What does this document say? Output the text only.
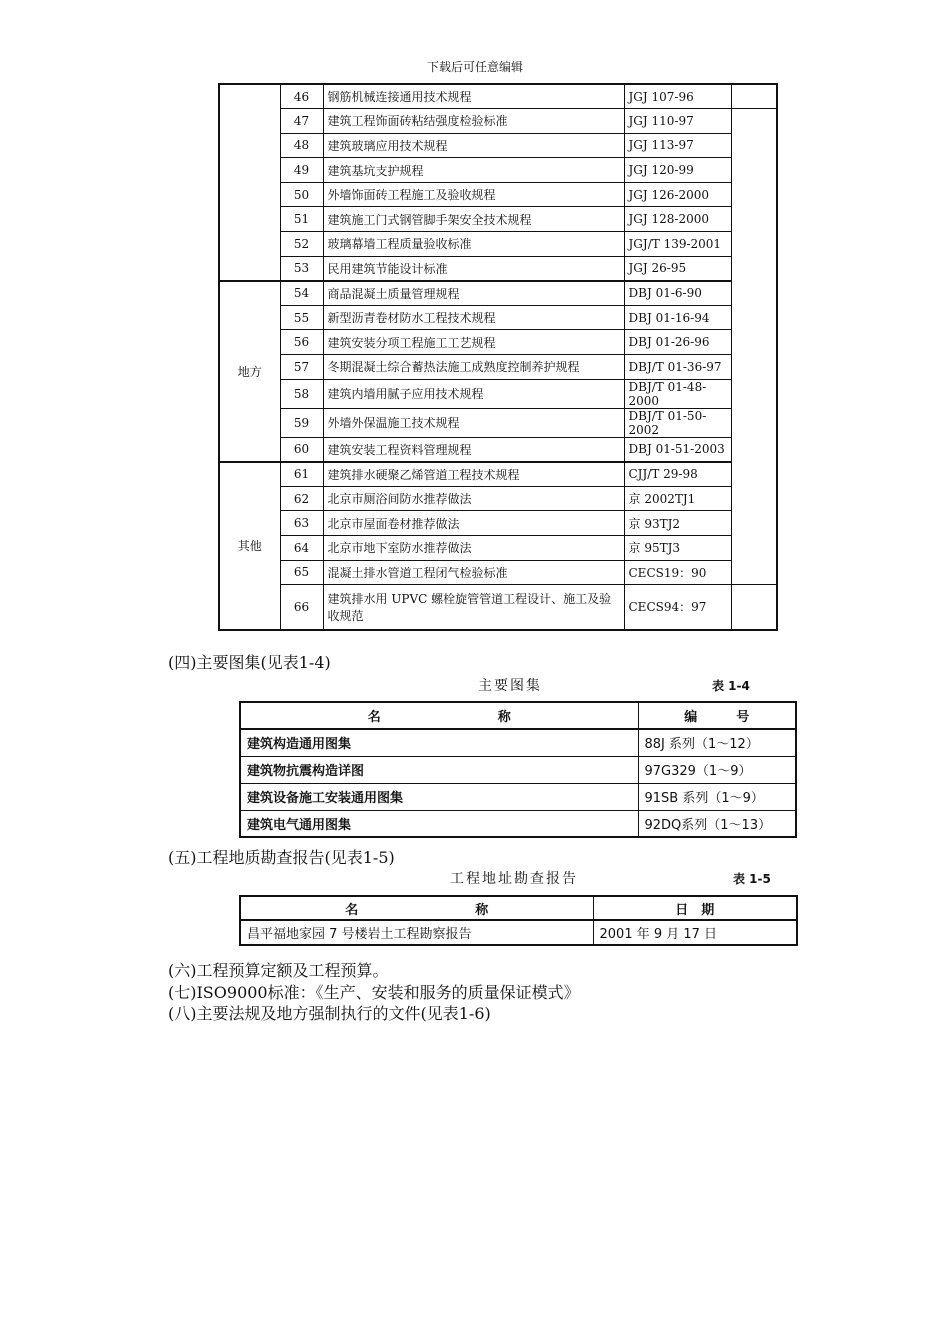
下载后可任意编辑
	46	钢筋机械连接通用技术规程	JGJ 107-96	
	47	建筑工程饰面砖粘结强度检验标准	JGJ 110-97	
	48	建筑玻璃应用技术规程	JGJ 113-97	
	49	建筑基坑支护规程	JGJ 120-99	
	50	外墙饰面砖工程施工及验收规程	JGJ 126-2000	
	51	建筑施工门式钢管脚手架安全技术规程	JGJ 128-2000	
	52	玻璃幕墙工程质量验收标准	JGJ/T 139-2001	
	53	民用建筑节能设计标准	JGJ 26-95	
地方	54	商品混凝土质量管理规程	DBJ 01-6-90	
	55	新型沥青卷材防水工程技术规程	DBJ 01-16-94	
	56	建筑安装分项工程施工工艺规程	DBJ 01-26-96	
	57	冬期混凝土综合蓄热法施工成熟度控制养护规程	DBJ/T 01-36-97	
	58	建筑内墙用腻子应用技术规程	DBJ/T 01-48-2000	
	59	外墙外保温施工技术规程	DBJ/T 01-50-2002	
	60	建筑安装工程资料管理规程	DBJ 01-51-2003	
其他	61	建筑排水硬聚乙烯管道工程技术规程	CJJ/T 29-98	
	62	北京市厕浴间防水推荐做法	京 2002TJ1	
	63	北京市屋面卷材推荐做法	京 93TJ2	
	64	北京市地下室防水推荐做法	京 95TJ3	
	65	混凝土排水管道工程闭气检验标准	CECS19：90	
	66	建筑排水用 UPVC 螺栓旋管管道工程设计、施工及验收规范	CECS94：97	
(四)主要图集(见表1-4)
主要图集	表 1-4
名　　　　　　　　　称	编　　　号
建筑构造通用图集	88J 系列（1～12）
建筑物抗震构造详图	97G329（1～9）
建筑设备施工安装通用图集	91SB 系列（1～9）
建筑电气通用图集	92DQ系列（1～13）
(五)工程地质勘查报告(见表1-5)
工程地址勘查报告	表 1-5
名　　　　　　　　　称	日　期
昌平福地家园 7 号楼岩土工程勘察报告	2001 年 9 月 17 日
(六)工程预算定额及工程预算。
(七)ISO9000标准：《生产、安装和服务的质量保证模式》
(八)主要法规及地方强制执行的文件(见表1-6)
